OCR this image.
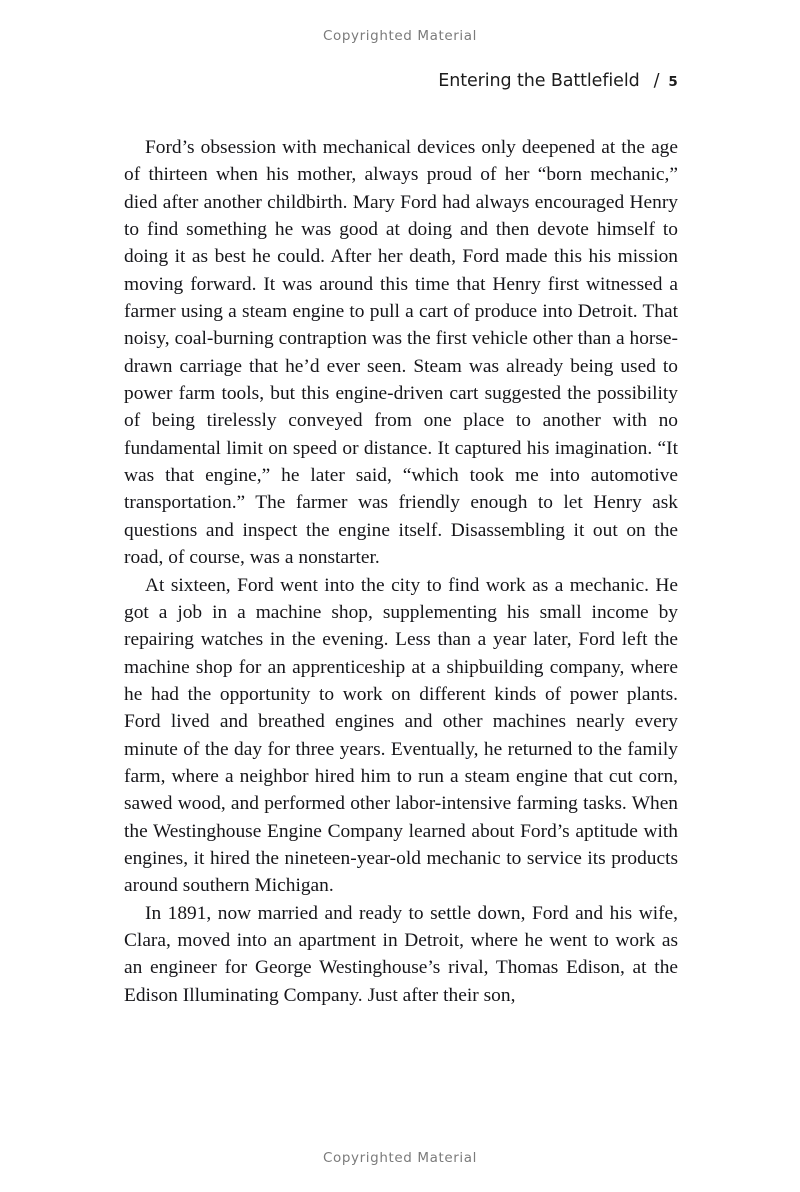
Copyrighted Material
Entering the Battlefield / 5

Ford’s obsession with mechanical devices only deepened at the age of thirteen when his mother, always proud of her “born mechanic,” died after another childbirth. Mary Ford had always encouraged Henry to find something he was good at doing and then devote himself to doing it as best he could. After her death, Ford made this his mission moving forward. It was around this time that Henry first witnessed a farmer using a steam engine to pull a cart of produce into Detroit. That noisy, coal-burning contraption was the first vehicle other than a horse-drawn carriage that he’d ever seen. Steam was already being used to power farm tools, but this engine-driven cart suggested the possibility of being tirelessly conveyed from one place to another with no fundamental limit on speed or distance. It captured his imagination. “It was that engine,” he later said, “which took me into automotive transportation.” The farmer was friendly enough to let Henry ask questions and inspect the engine itself. Disassembling it out on the road, of course, was a nonstarter.

At sixteen, Ford went into the city to find work as a mechanic. He got a job in a machine shop, supplementing his small income by repairing watches in the evening. Less than a year later, Ford left the machine shop for an apprenticeship at a shipbuilding company, where he had the opportunity to work on different kinds of power plants. Ford lived and breathed engines and other machines nearly every minute of the day for three years. Eventually, he returned to the family farm, where a neighbor hired him to run a steam engine that cut corn, sawed wood, and performed other labor-intensive farming tasks. When the Westinghouse Engine Company learned about Ford’s aptitude with engines, it hired the nineteen-year-old mechanic to service its products around southern Michigan.

In 1891, now married and ready to settle down, Ford and his wife, Clara, moved into an apartment in Detroit, where he went to work as an engineer for George Westinghouse’s rival, Thomas Edison, at the Edison Illuminating Company. Just after their son,

Copyrighted Material
